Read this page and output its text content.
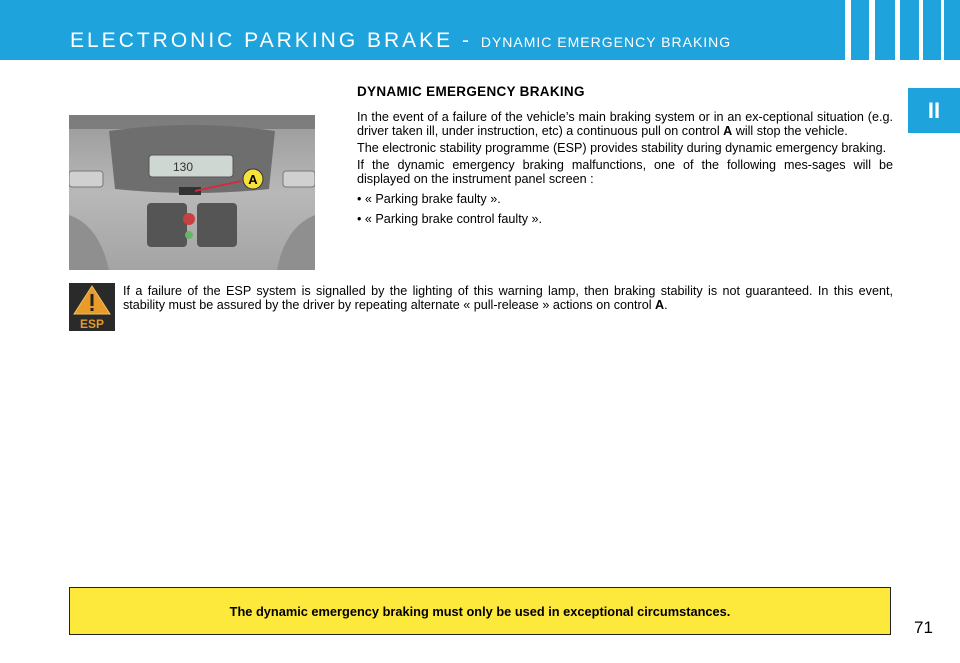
ELECTRONIC PARKING BRAKE - DYNAMIC EMERGENCY BRAKING
II
130
A
DYNAMIC EMERGENCY BRAKING

In the event of a failure of the vehicle’s main braking system or in an ex-ceptional situation (e.g. driver taken ill, under instruction, etc) a continuous pull on control A will stop the vehicle.

The electronic stability programme (ESP) provides stability during dynamic emergency braking.

If the dynamic emergency braking malfunctions, one of the following mes-sages will be displayed on the instrument panel screen :

• « Parking brake faulty ».

• « Parking brake control faulty ».

ESP
If a failure of the ESP system is signalled by the lighting of this warning lamp, then braking stability is not guaranteed. In this event, stability must be assured by the driver by repeating alternate « pull-release » actions on control A.
The dynamic emergency braking must only be used in exceptional circumstances.
71
